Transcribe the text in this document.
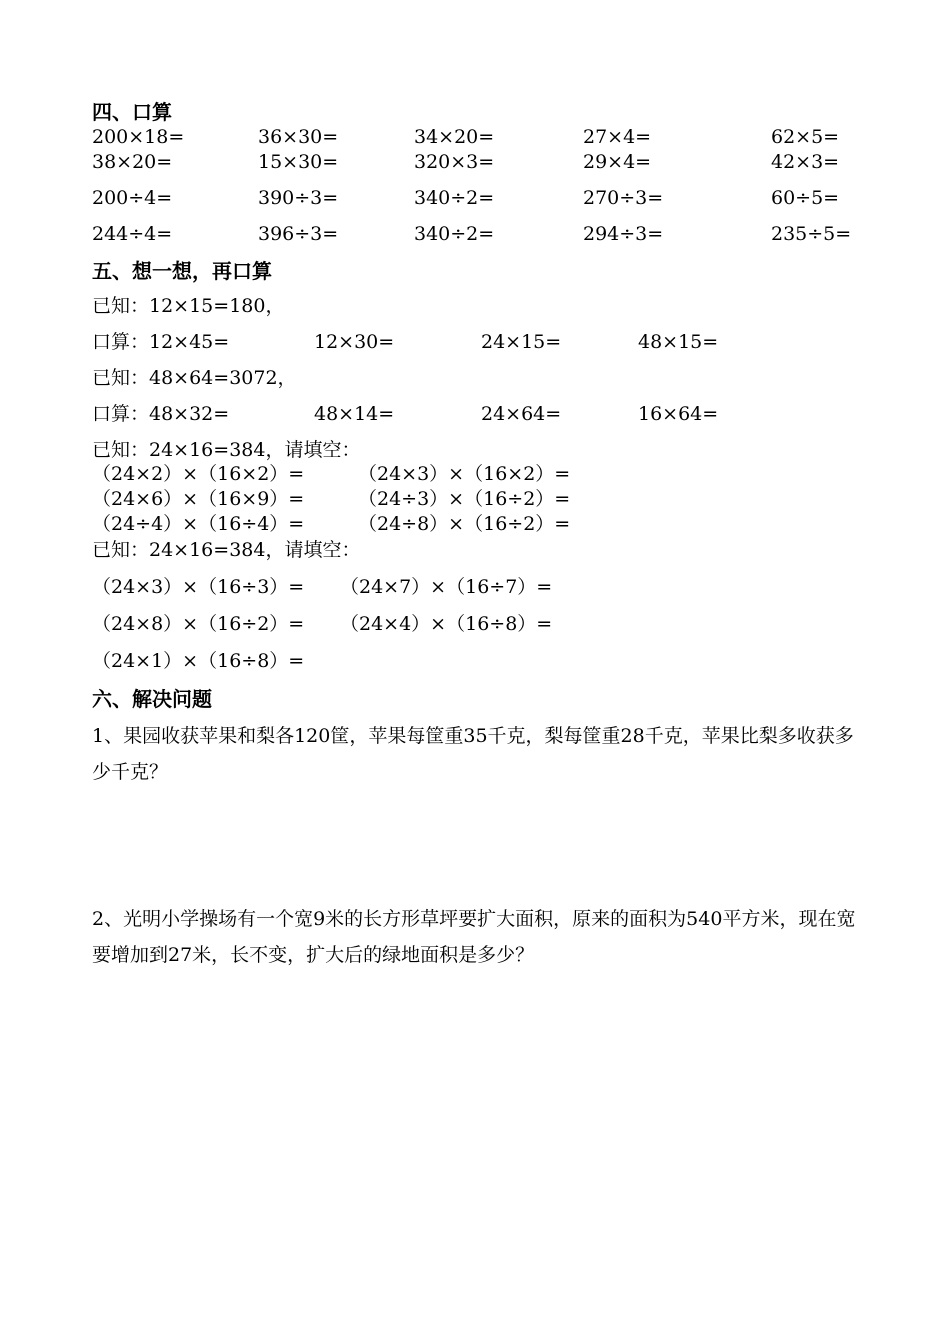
四、口算
200×18=	36×30=	34×20=	27×4=	62×5=
38×20=	15×30=	320×3=	29×4=	42×3=
200÷4=	390÷3=	340÷2=	270÷3=	60÷5=
244÷4=	396÷3=	340÷2=	294÷3=	235÷5=
五、想一想，再口算
已知：12×15=180，
口算：12×45=	12×30=	24×15=	48×15=
已知：48×64=3072，
口算：48×32=	48×14=	24×64=	16×64=
已知：24×16=384，请填空：
（24×2）×（16×2）=	（24×3）×（16×2）=
（24×6）×（16×9）=	（24÷3）×（16÷2）=
（24÷4）×（16÷4）=	（24÷8）×（16÷2）=
已知：24×16=384，请填空：
（24×3）×（16÷3）= （24×7）×（16÷7）=
（24×8）×（16÷2）= （24×4）×（16÷8）=
（24×1）×（16÷8）=
六、解决问题
1、果园收获苹果和梨各120筐，苹果每筐重35千克，梨每筐重28千克，苹果比梨多收获多少千克？
2、光明小学操场有一个宽9米的长方形草坪要扩大面积，原来的面积为540平方米，现在宽要增加到27米，长不变，扩大后的绿地面积是多少？
